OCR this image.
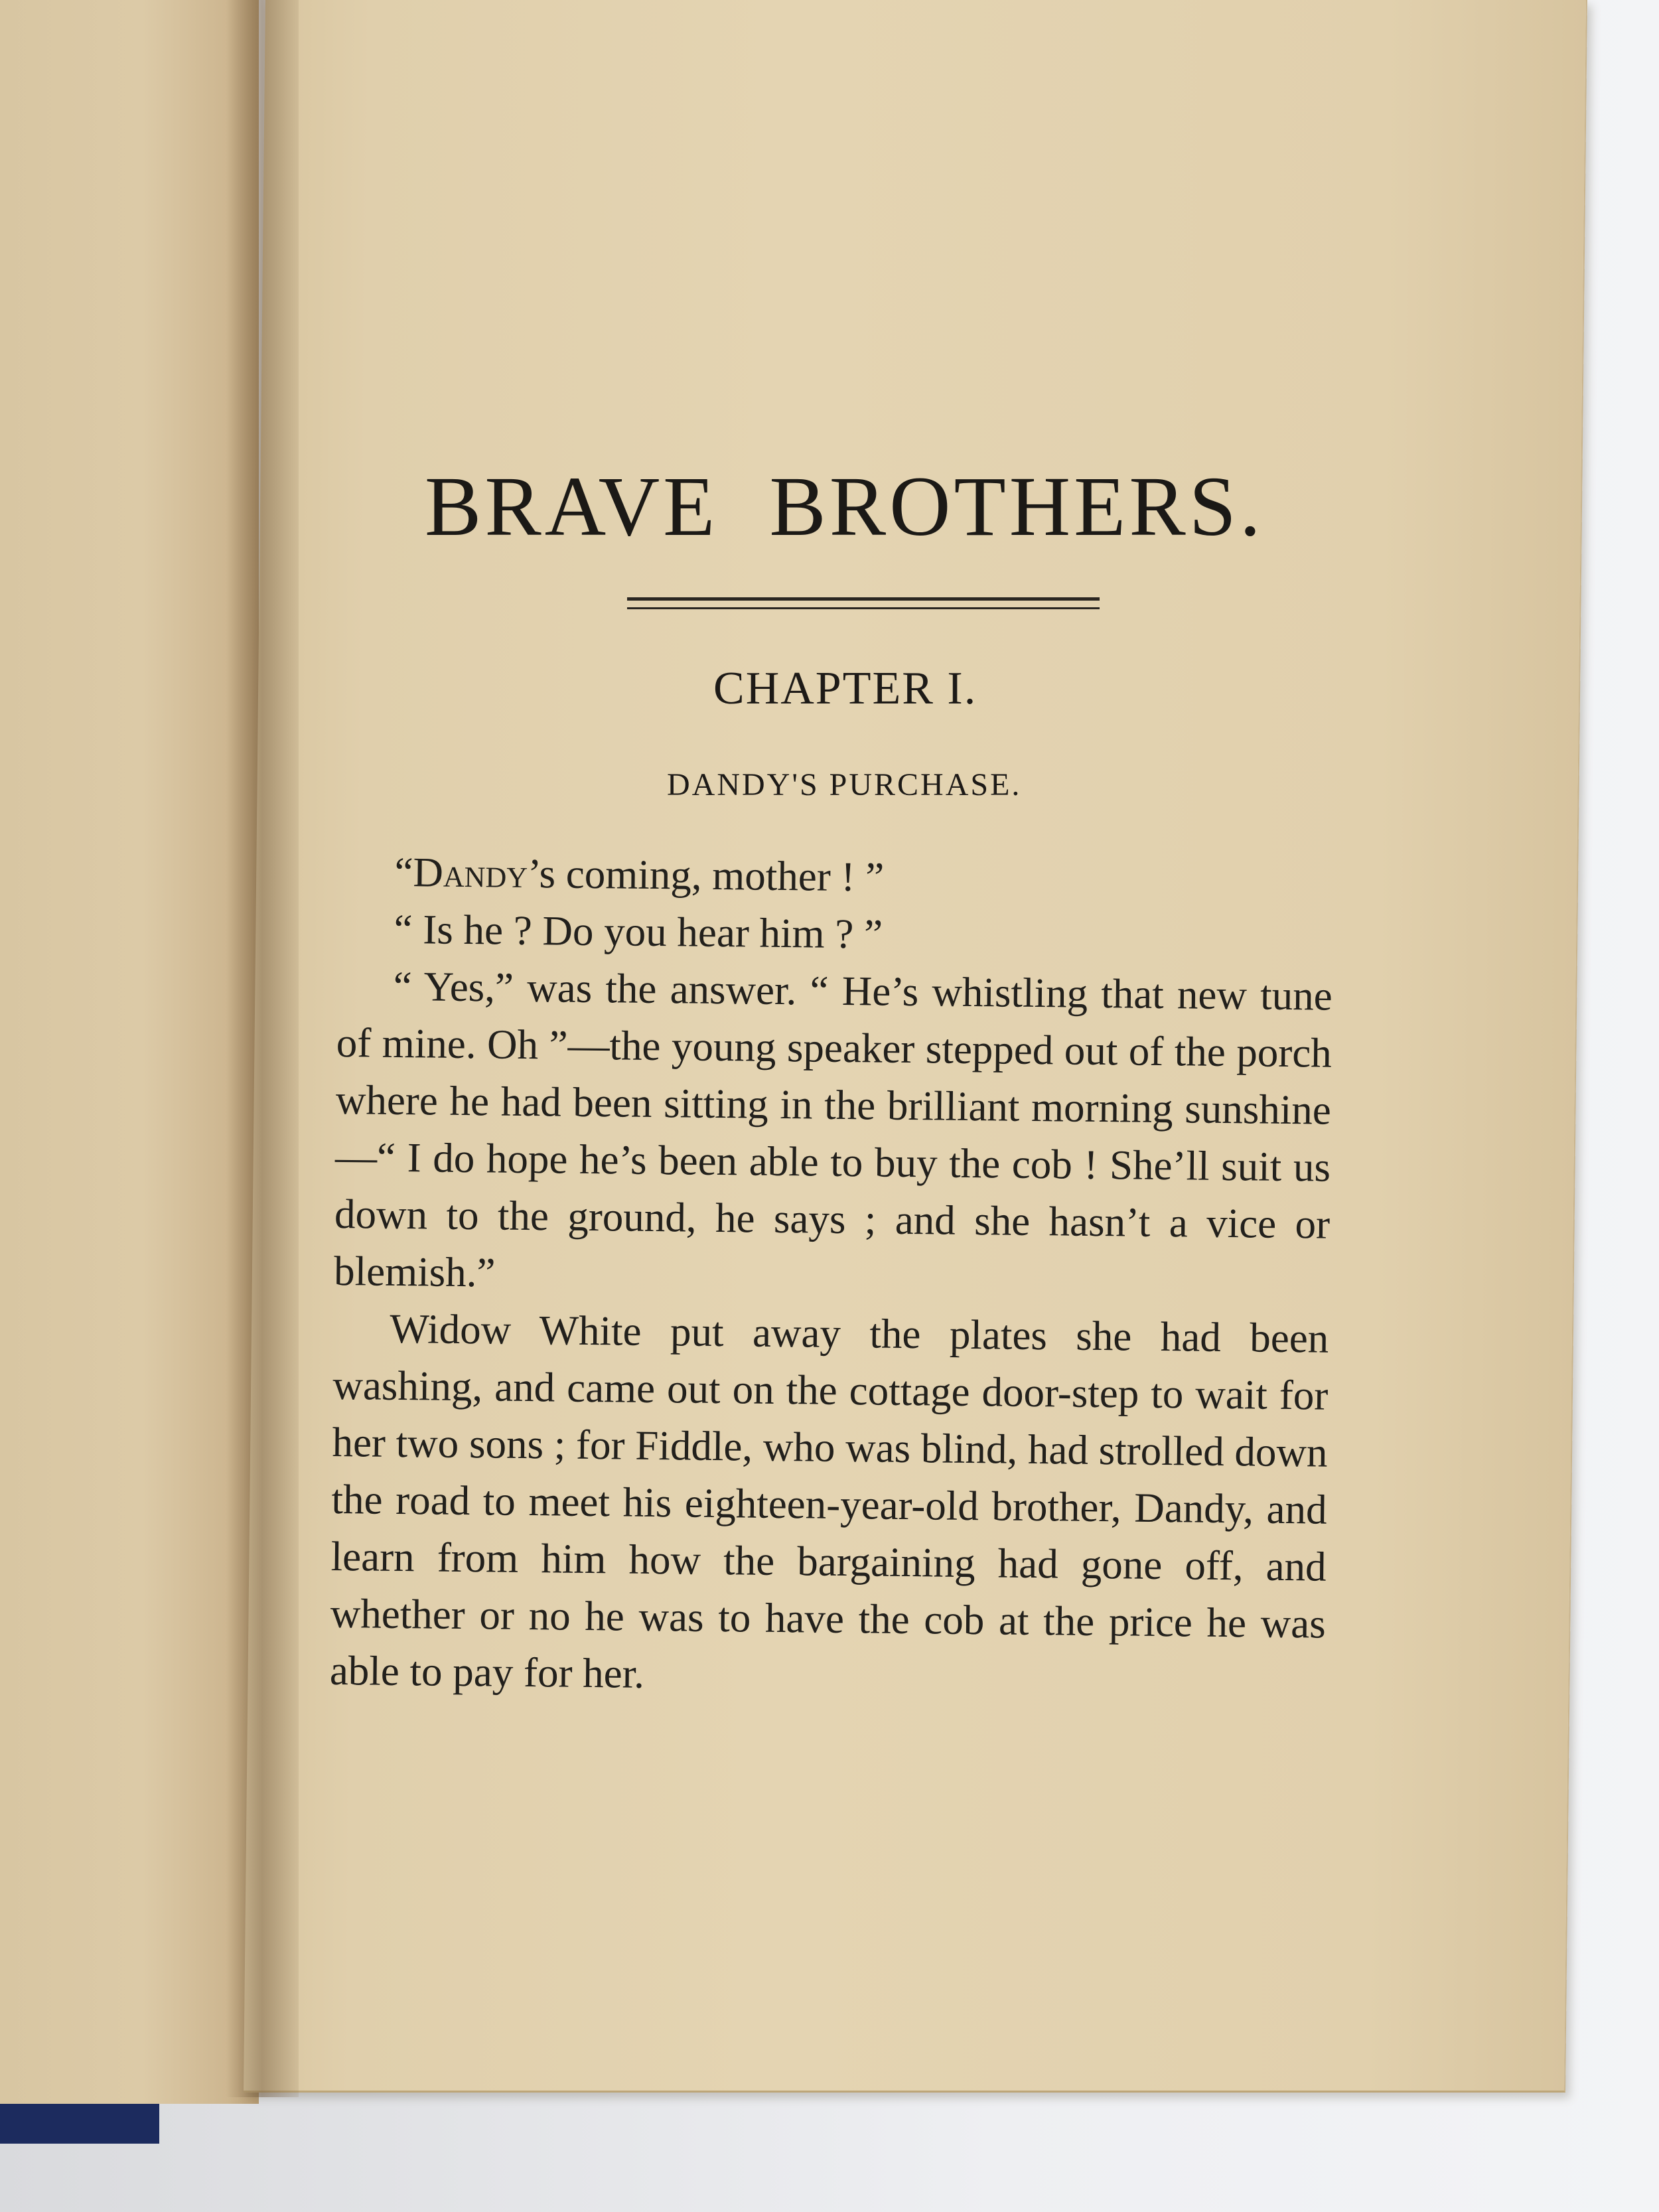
BRAVE BROTHERS.
CHAPTER I.
DANDY'S PURCHASE.

“Dandy’s coming, mother ! ”

“ Is he ? Do you hear him ? ”

“ Yes,” was the answer. “ He’s whistling that new tune of mine. Oh ”—the young speaker stepped out of the porch where he had been sitting in the brilliant morning sunshine—“ I do hope he’s been able to buy the cob ! She’ll suit us down to the ground, he says ; and she hasn’t a vice or blemish.”

Widow White put away the plates she had been washing, and came out on the cottage door-step to wait for her two sons ; for Fiddle, who was blind, had strolled down the road to meet his eighteen-year-old brother, Dandy, and learn from him how the bargaining had gone off, and whether or no he was to have the cob at the price he was able to pay for her.
